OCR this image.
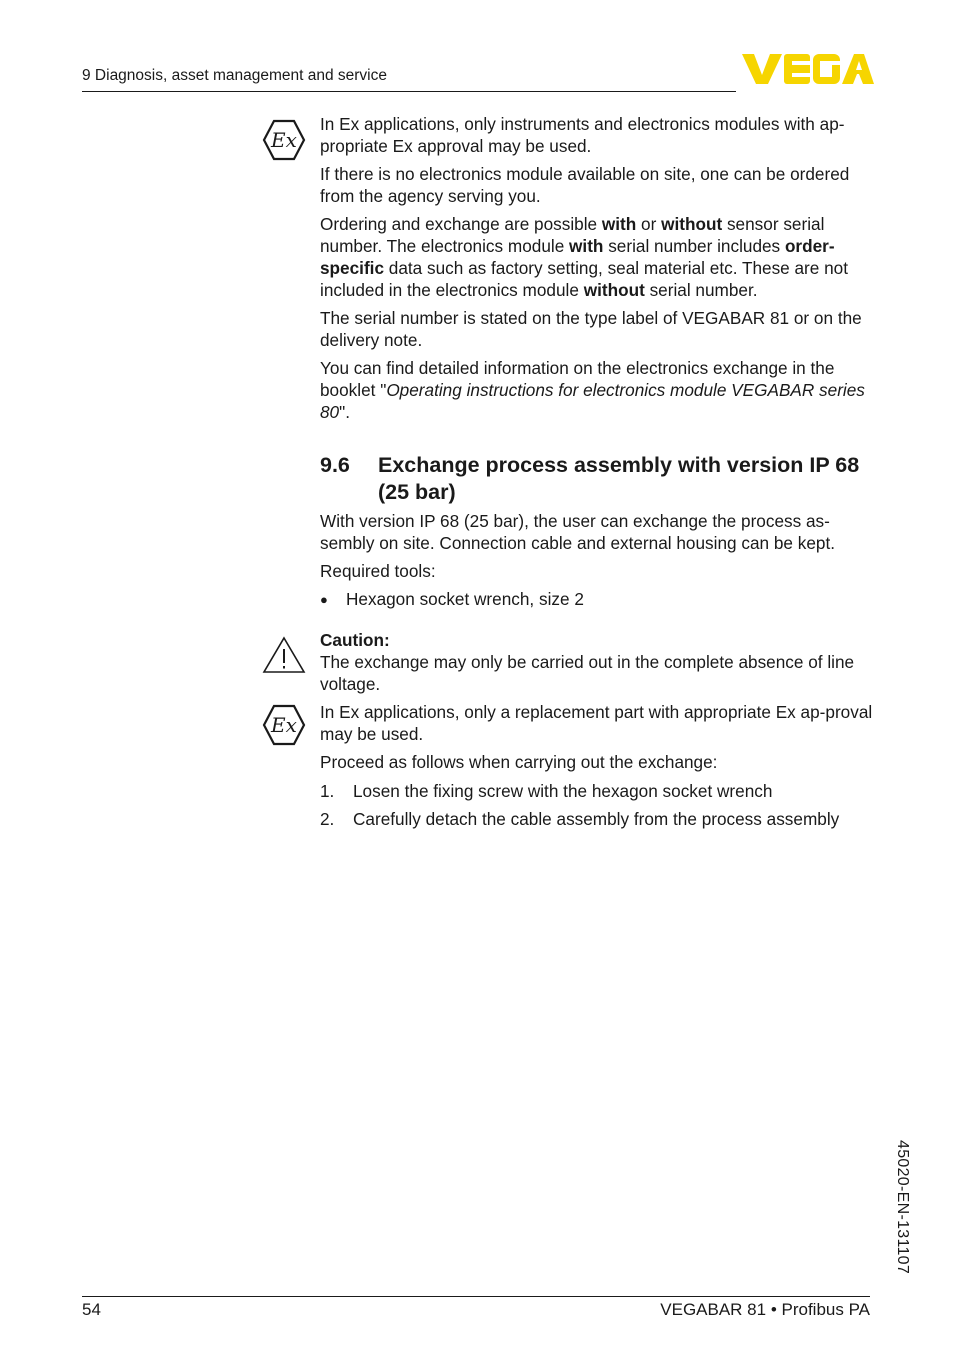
9 Diagnosis, asset management and service
Ex
Ex

In Ex applications, only instruments and electronics modules with ap-propriate Ex approval may be used.

If there is no electronics module available on site, one can be ordered from the agency serving you.

Ordering and exchange are possible with or without sensor serial number. The electronics module with serial number includes order-specific data such as factory setting, seal material etc. These are not included in the electronics module without serial number.

The serial number is stated on the type label of VEGABAR 81 or on the delivery note.

You can find detailed information on the electronics exchange in the booklet "Operating instructions for electronics module VEGABAR series 80".

9.6	Exchange process assembly with version IP 68 (25 bar)

With version IP 68 (25 bar), the user can exchange the process as-sembly on site. Connection cable and external housing can be kept.

Required tools:

●	Hexagon socket wrench, size 2

Caution:

The exchange may only be carried out in the complete absence of line voltage.

In Ex applications, only a replacement part with appropriate Ex ap-proval may be used.

Proceed as follows when carrying out the exchange:

1.	Losen the fixing screw with the hexagon socket wrench
2.	Carefully detach the cable assembly from the process assembly
45020-EN-131107
54	VEGABAR 81 • Profibus PA
